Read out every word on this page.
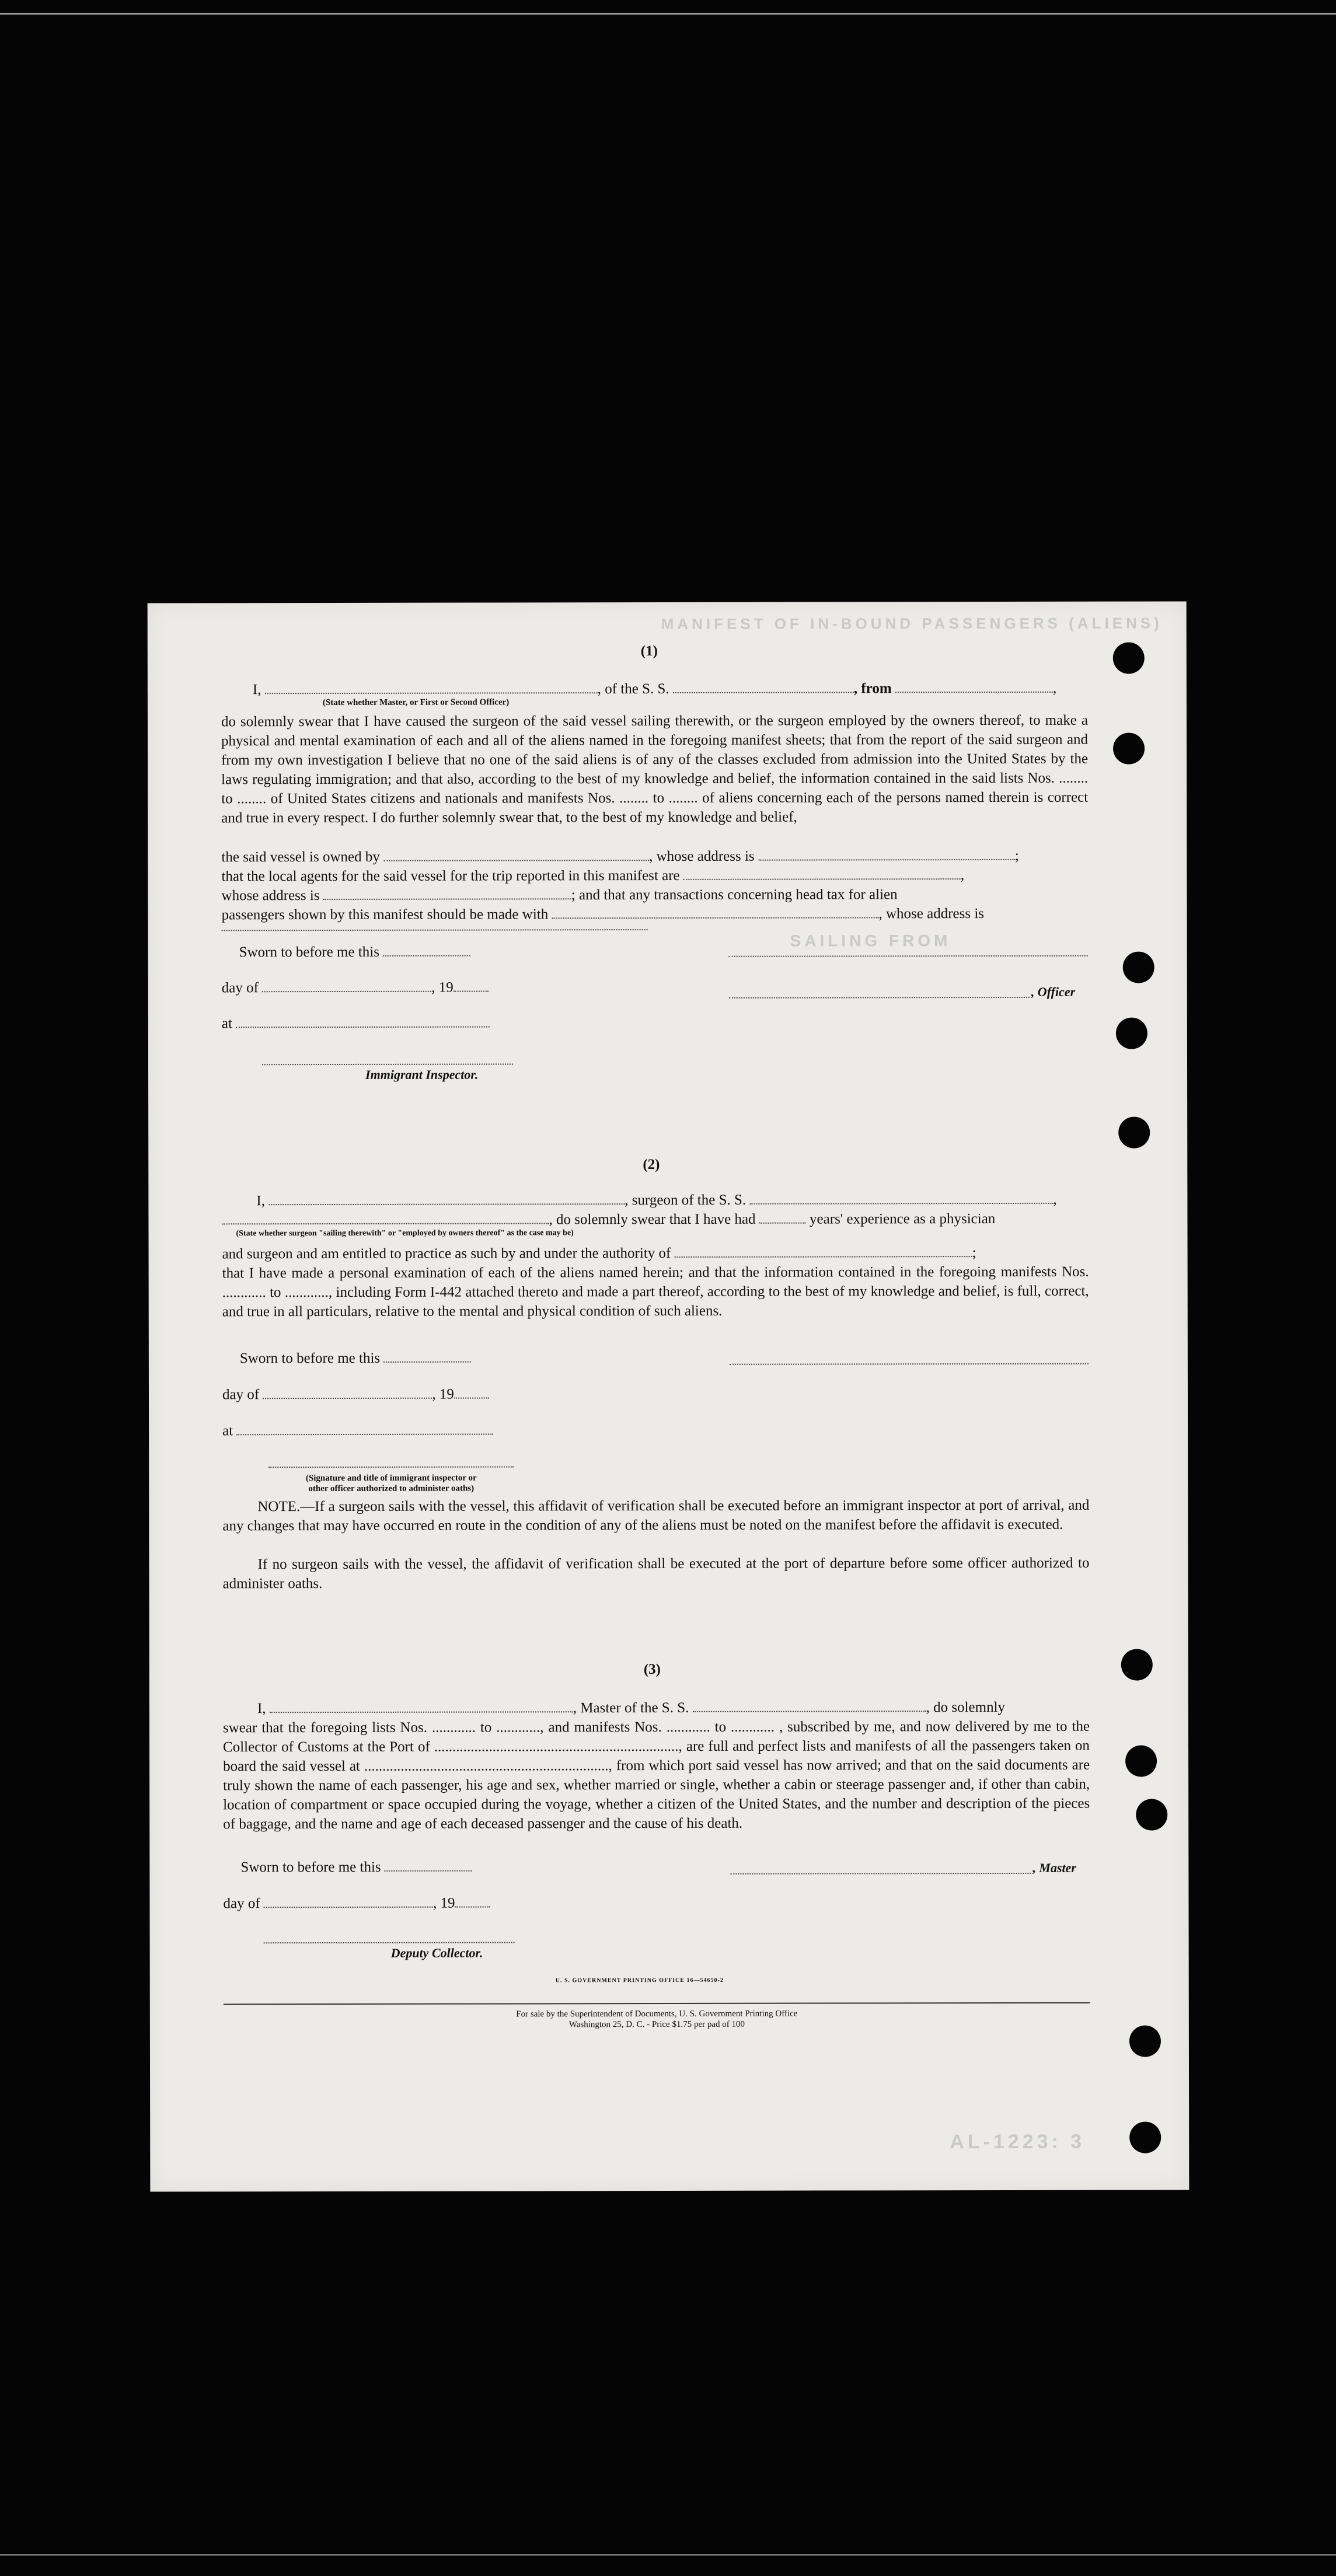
MANIFEST OF IN-BOUND PASSENGERS (ALIENS)
SAILING FROM
AL-1223: 3
(1)
I,	, of the S. S.	, from	,
(State whether Master, or First or Second Officer)
do solemnly swear that I have caused the surgeon of the said vessel sailing therewith, or the surgeon employed by the owners thereof, to make a physical and mental examination of each and all of the aliens named in the foregoing manifest sheets; that from the report of the said surgeon and from my own investigation I believe that no one of the said aliens is of any of the classes excluded from admission into the United States by the laws regulating immigration; and that also, according to the best of my knowledge and belief, the information contained in the said lists Nos. ........ to ........ of United States citizens and nationals and manifests Nos. ........ to ........ of aliens concerning each of the persons named therein is correct and true in every respect. I do further solemnly swear that, to the best of my knowledge and belief,
the said vessel is owned by	, whose address is	;
that the local agents for the said vessel for the trip reported in this manifest are	,
whose address is	; and that any transactions concerning head tax for alien
passengers shown by this manifest should be made with	, whose address is
Sworn to before me this
day of	, 19	, Officer
at
Immigrant Inspector.
(2)
I,	, surgeon of the S. S.	,
, do solemnly swear that I have had	years' experience as a physician
(State whether surgeon "sailing therewith" or "employed by owners thereof" as the case may be)
and surgeon and am entitled to practice as such by and under the authority of	;
that I have made a personal examination of each of the aliens named herein; and that the information contained in the foregoing manifests Nos. ............ to ............, including Form I-442 attached thereto and made a part thereof, according to the best of my knowledge and belief, is full, correct, and true in all particulars, relative to the mental and physical condition of such aliens.
Sworn to before me this
day of	, 19
at
(Signature and title of immigrant inspector or
other officer authorized to administer oaths)
NOTE.—If a surgeon sails with the vessel, this affidavit of verification shall be executed before an immigrant inspector at port of arrival, and any changes that may have occurred en route in the condition of any of the aliens must be noted on the manifest before the affidavit is executed.
If no surgeon sails with the vessel, the affidavit of verification shall be executed at the port of departure before some officer authorized to administer oaths.
(3)
I,	, Master of the S. S.	, do solemnly
swear that the foregoing lists Nos. ............ to ............, and manifests Nos. ............ to ............ , subscribed by me, and now delivered by me to the Collector of Customs at the Port of ..................................................................., are full and perfect lists and manifests of all the passengers taken on board the said vessel at ..................................................................., from which port said vessel has now arrived; and that on the said documents are truly shown the name of each passenger, his age and sex, whether married or single, whether a cabin or steerage passenger and, if other than cabin, location of compartment or space occupied during the voyage, whether a citizen of the United States, and the number and description of the pieces of baggage, and the name and age of each deceased passenger and the cause of his death.
Sworn to before me this	, Master
day of	, 19
Deputy Collector.
U. S. GOVERNMENT PRINTING OFFICE 16—54650-2
For sale by the Superintendent of Documents, U. S. Government Printing Office
Washington 25, D. C. - Price $1.75 per pad of 100
